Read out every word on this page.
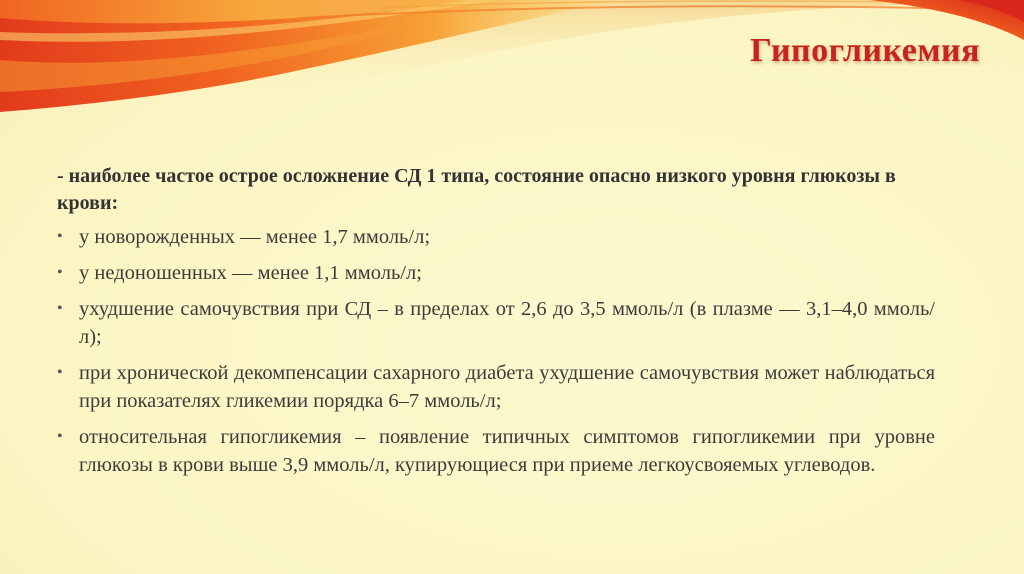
Гипогликемия

- наиболее частое острое осложнение СД 1 типа, состояние опасно низкого уровня глюкозы в крови:

• у новорожденных — менее 1,7 ммоль/л;
• у недоношенных — менее 1,1 ммоль/л;
• ухудшение самочувствия при СД – в пределах от 2,6 до 3,5 ммоль/л (в плазме — 3,1–4,0 ммоль/л);
• при хронической декомпенсации сахарного диабета ухудшение самочувствия может наблюдаться при показателях гликемии порядка 6–7 ммоль/л;
• относительная гипогликемия – появление типичных симптомов гипогликемии при уровне глюкозы в крови выше 3,9 ммоль/л, купирующиеся при приеме легкоусвояемых углеводов.
